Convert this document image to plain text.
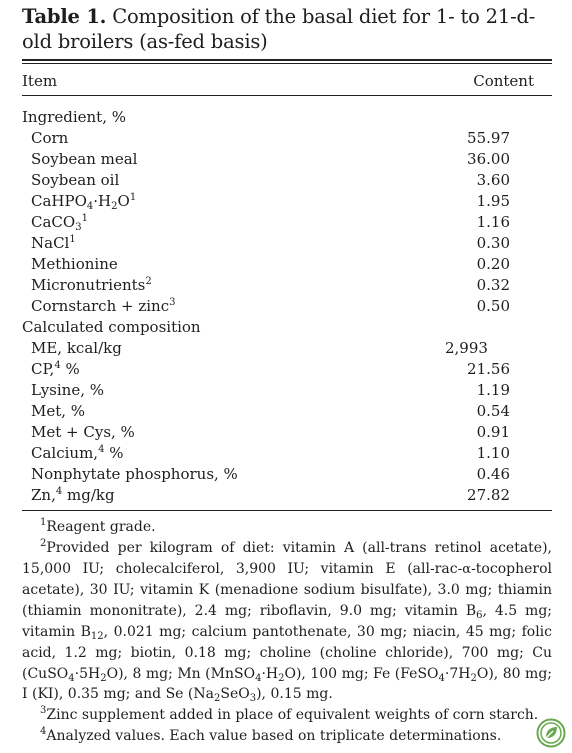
Table 1. Composition of the basal diet for 1- to 21-d-old broilers (as-fed basis)
Item	Content
Ingredient, %
Corn	55.97
Soybean meal	36.00
Soybean oil	3.60
$CaHPO_4\cdot H_2O^1$	1.95
CaCO$_3^1$	1.16
NaCl$^1$	0.30
Methionine	0.20
Micronutrients$^2$	0.32
Cornstarch + zinc$^3$	0.50
Calculated composition
ME, kcal/kg	2,993
CP,$^4$ %	21.56
Lysine, %	1.19
Met, %	0.54
Met + Cys, %	0.91
Calcium,$^4$ %	1.10
Nonphytate phosphorus, %	0.46
Zn,$^4$ mg/kg	27.82

$^1$Reagent grade.

$^2$Provided per kilogram of diet: vitamin A (all-trans retinol acetate), 15,000 IU; cholecalciferol, 3,900 IU; vitamin E (all-rac-α-tocopherol acetate), 30 IU; vitamin K (menadione sodium bisulfate), 3.0 mg; thiamin (thiamin mononitrate), 2.4 mg; riboflavin, 9.0 mg; vitamin $B_6$, 4.5 mg; vitamin $B_{12}$, 0.021 mg; calcium pantothenate, 30 mg; niacin, 45 mg; folic acid, 1.2 mg; biotin, 0.18 mg; choline (choline chloride), 700 mg; Cu $(CuSO_4\cdot 5H_2O)$, 8 mg; Mn $(MnSO_4\cdot H_2O)$, 100 mg; Fe $(FeSO_4\cdot 7H_2O)$, 80 mg; I (KI), 0.35 mg; and Se $(Na_2SeO_3)$, 0.15 mg.

$^3$Zinc supplement added in place of equivalent weights of corn starch.

$^4$Analyzed values. Each value based on triplicate determinations.
